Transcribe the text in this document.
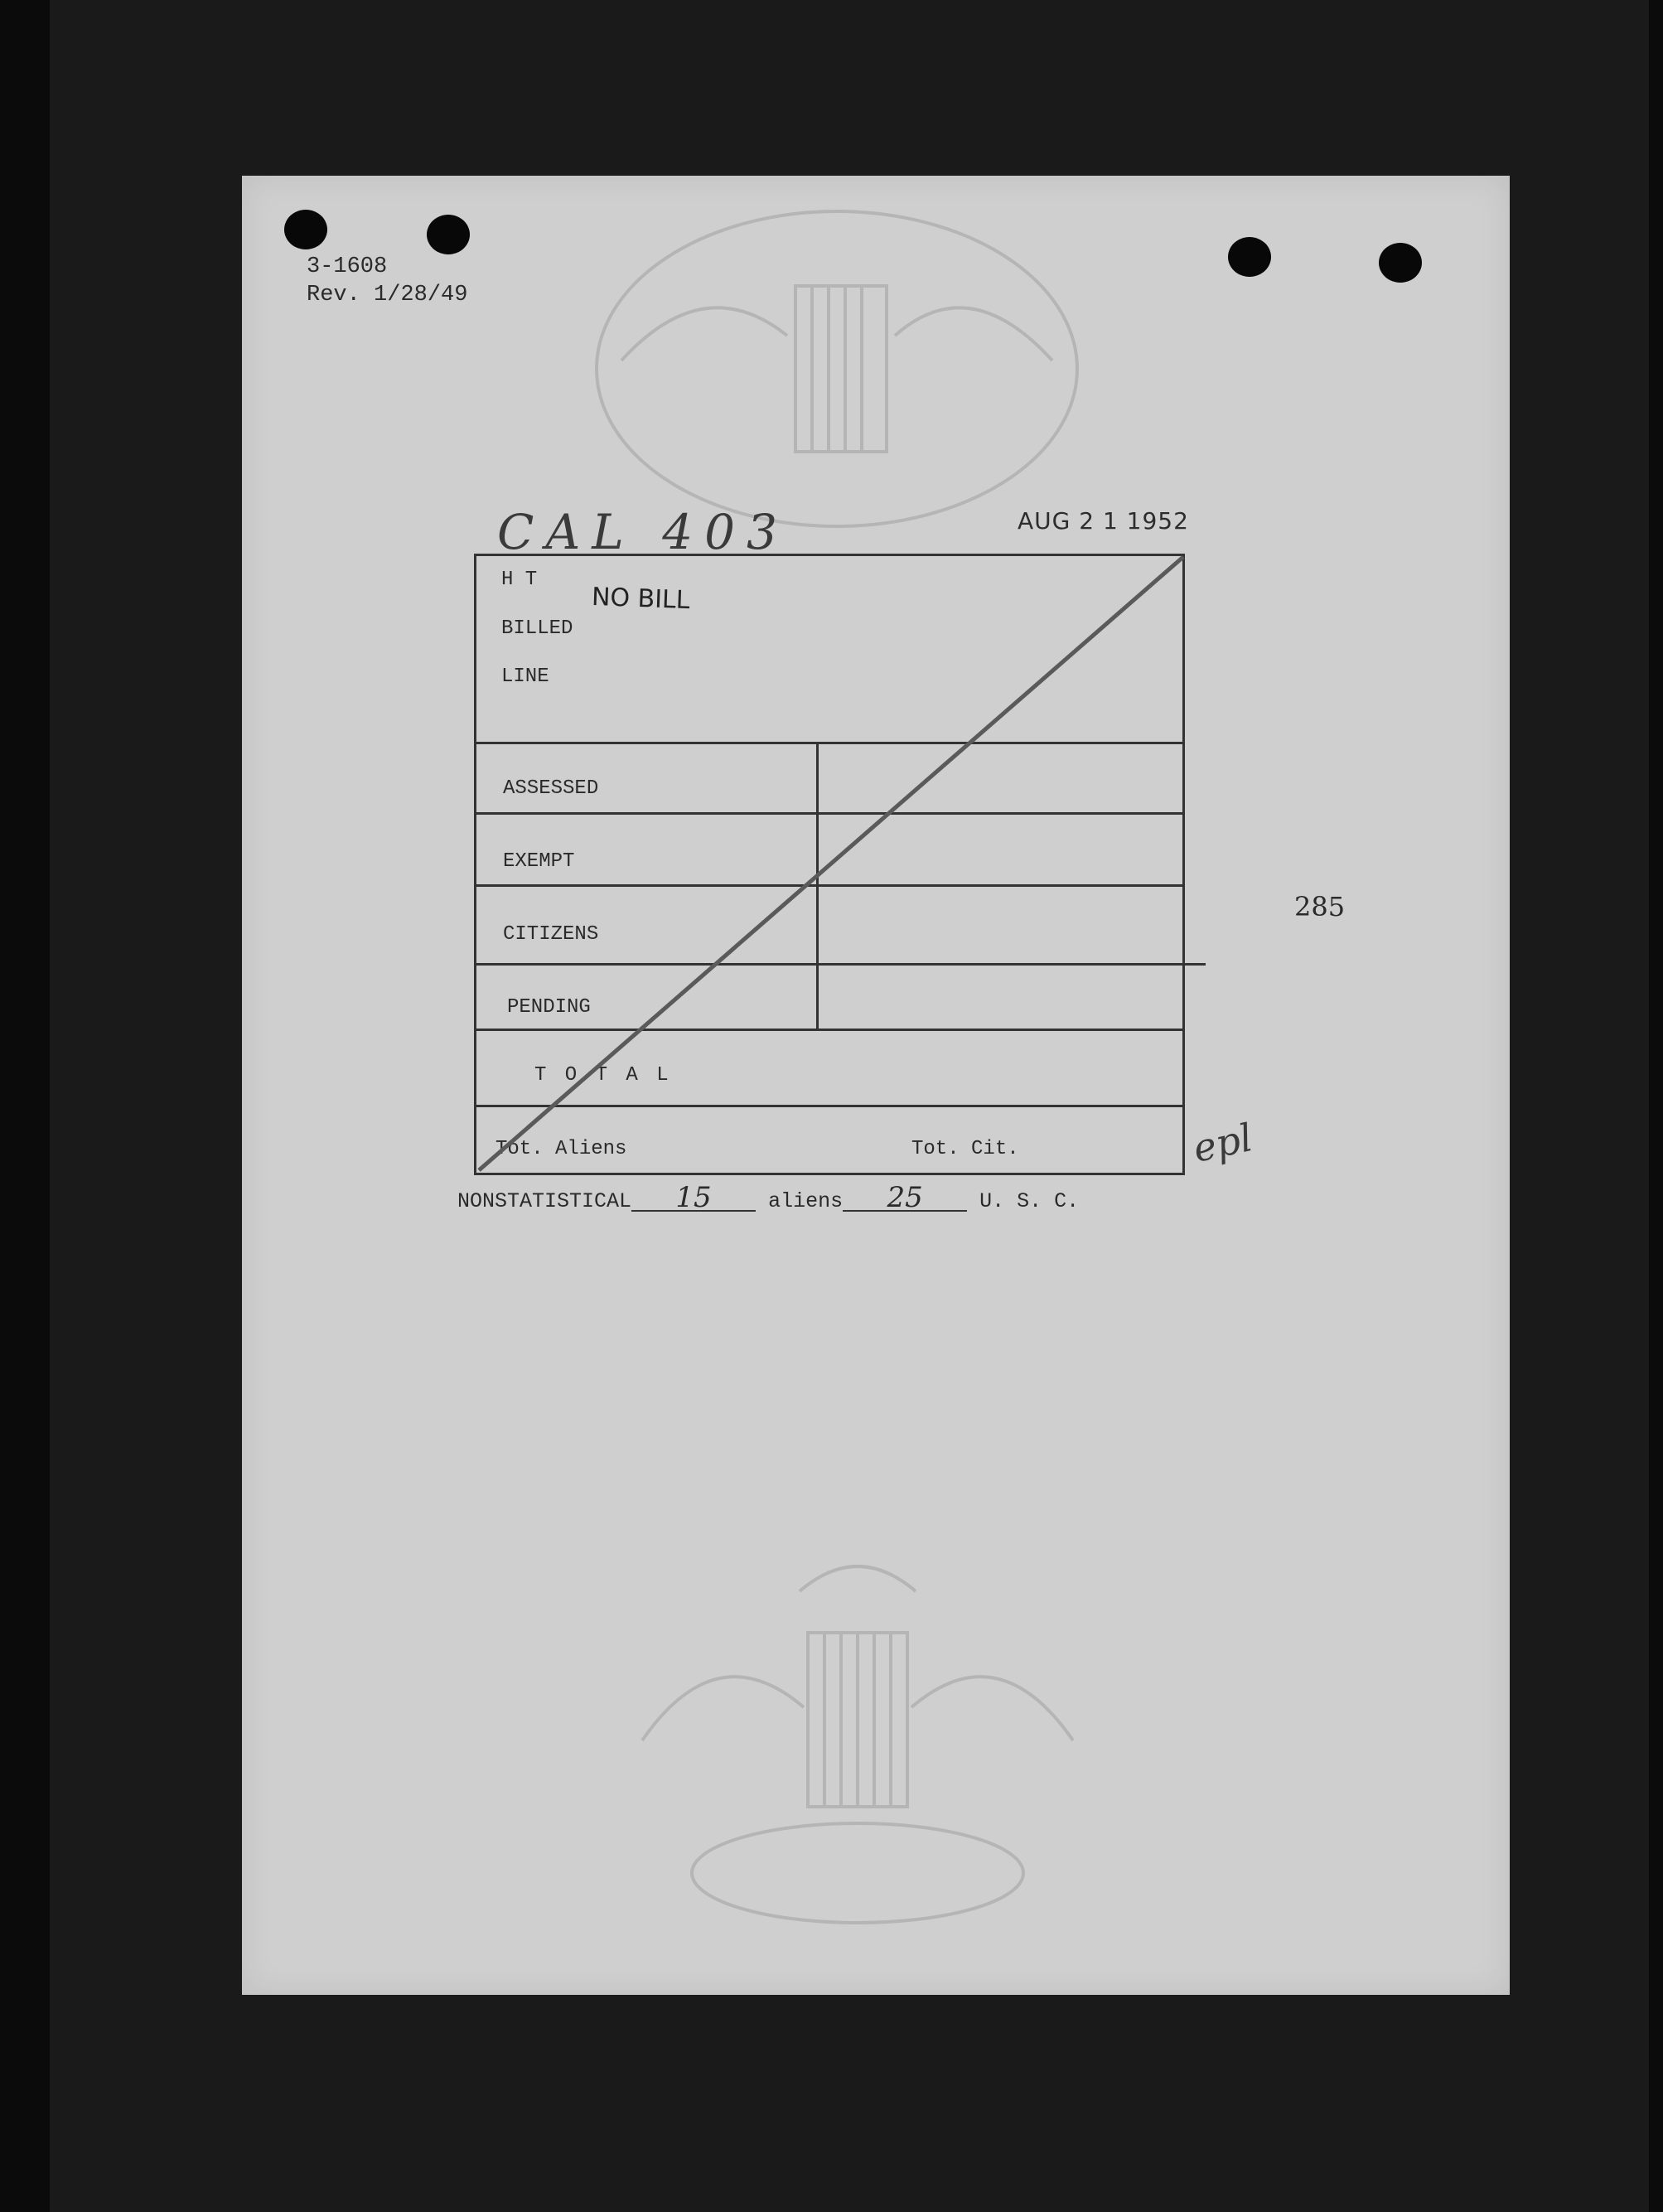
3-1608
Rev. 1/28/49
CAL 403	AUG 2 1 1952
285
H T
BILLED
LINE
NO BILL
ASSESSED
EXEMPT
CITIZENS
PENDING
T O T A L
Tot. Aliens	Tot. Cit.	epl
NONSTATISTICAL 15	aliens 25	U. S. C.
